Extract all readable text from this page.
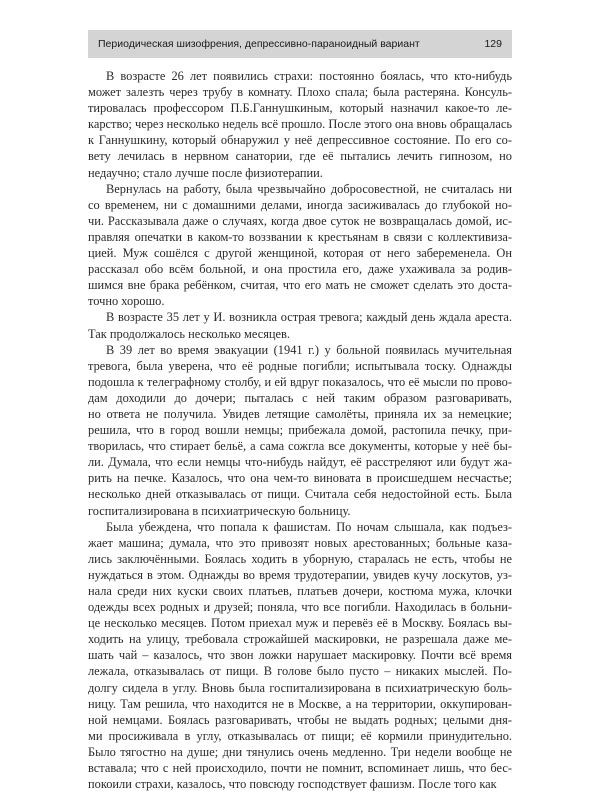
Периодическая шизофрения, депрессивно-параноидный вариант	129

В возрасте 26 лет появились страхи: постоянно боялась, что кто-нибудь
может залезть через трубу в комнату. Плохо спала; была растеряна. Консуль-
тировалась профессором П.Б.Ганнушкиным, который назначил какое-то ле-
карство; через несколько недель всё прошло. После этого она вновь обращалась
к Ганнушкину, который обнаружил у неё депрессивное состояние. По его со-
вету лечилась в нервном санатории, где её пытались лечить гипнозом, но
недаучно; стало лучше после физиотерапии.

Вернулась на работу, была чрезвычайно добросовестной, не считалась ни
со временем, ни с домашними делами, иногда засиживалась до глубокой но-
чи. Рассказывала даже о случаях, когда двое суток не возвращалась домой, ис-
правляя опечатки в каком-то воззвании к крестьянам в связи с коллективиза-
цией. Муж сошёлся с другой женщиной, которая от него забеременела. Он
рассказал обо всём больной, и она простила его, даже ухаживала за родив-
шимся вне брака ребёнком, считая, что его мать не сможет сделать это доста-
точно хорошо.

В возрасте 35 лет у И. возникла острая тревога; каждый день ждала ареста.
Так продолжалось несколько месяцев.

В 39 лет во время эвакуации (1941 г.) у больной появилась мучительная
тревога, была уверена, что её родные погибли; испытывала тоску. Однажды
подошла к телеграфному столбу, и ей вдруг показалось, что её мысли по прово-
дам доходили до дочери; пыталась с ней таким образом разговаривать,
но ответа не получила. Увидев летящие самолёты, приняла их за немецкие;
решила, что в город вошли немцы; прибежала домой, растопила печку, при-
творилась, что стирает бельё, а сама сожгла все документы, которые у неё бы-
ли. Думала, что если немцы что-нибудь найдут, её расстреляют или будут жа-
рить на печке. Казалось, что она чем-то виновата в происшедшем несчастье;
несколько дней отказывалась от пищи. Считала себя недостойной есть. Была
госпитализирована в психиатрическую больницу.

Была убеждена, что попала к фашистам. По ночам слышала, как подъез-
жает машина; думала, что это привозят новых арестованных; больные каза-
лись заключёнными. Боялась ходить в уборную, старалась не есть, чтобы не
нуждаться в этом. Однажды во время трудотерапии, увидев кучу лоскутов, уз-
нала среди них куски своих платьев, платьев дочери, костюма мужа, клочки
одежды всех родных и друзей; поняла, что все погибли. Находилась в больни-
це несколько месяцев. Потом приехал муж и перевёз её в Москву. Боялась вы-
ходить на улицу, требовала строжайшей маскировки, не разрешала даже ме-
шать чай – казалось, что звон ложки нарушает маскировку. Почти всё время
лежала, отказывалась от пищи. В голове было пусто – никаких мыслей. По-
долгу сидела в углу. Вновь была госпитализирована в психиатрическую боль-
ницу. Там решила, что находится не в Москве, а на территории, оккупирован-
ной немцами. Боялась разговаривать, чтобы не выдать родных; целыми дня-
ми просиживала в углу, отказывалась от пищи; её кормили принудительно.
Было тягостно на душе; дни тянулись очень медленно. Три недели вообще не
вставала; что с ней происходило, почти не помнит, вспоминает лишь, что бес-
покоили страхи, казалось, что повсюду господствует фашизм. После того как
